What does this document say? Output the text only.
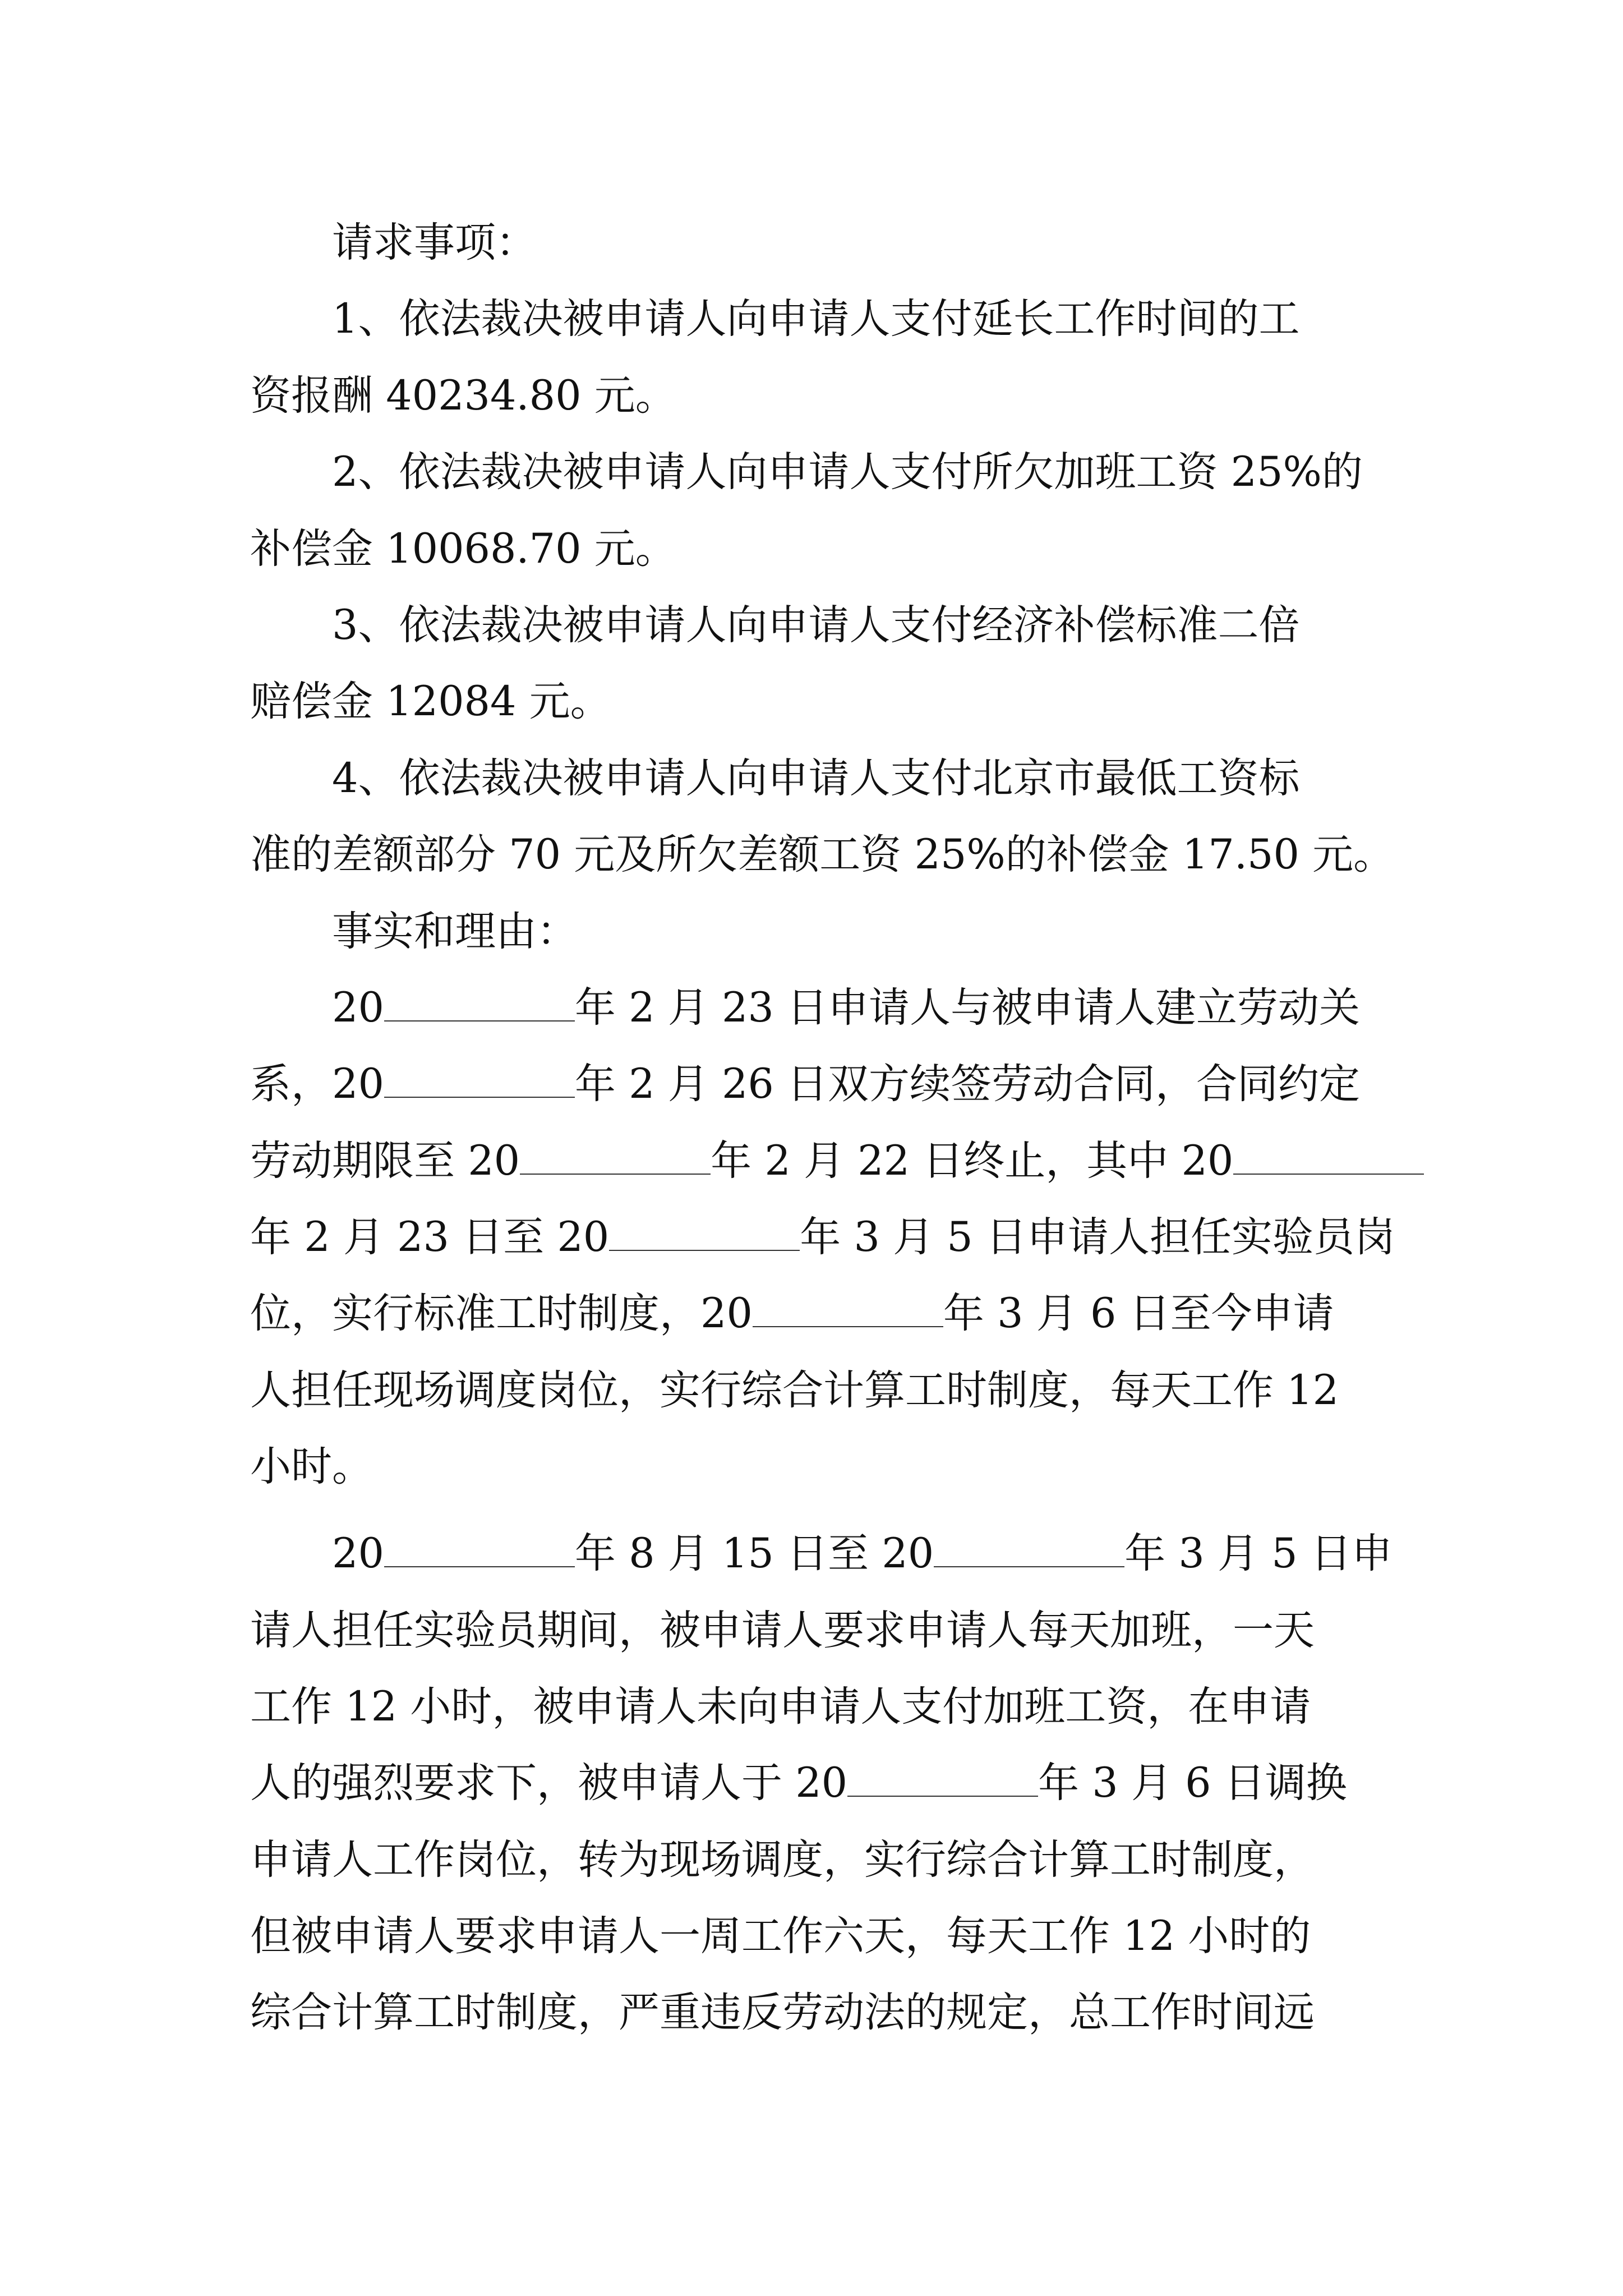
请求事项：

1、依法裁决被申请人向申请人支付延长工作时间的工

资报酬 40234.80 元。

2、依法裁决被申请人向申请人支付所欠加班工资 25%的

补偿金 10068.70 元。

3、依法裁决被申请人向申请人支付经济补偿标准二倍

赔偿金 12084 元。

4、依法裁决被申请人向申请人支付北京市最低工资标

准的差额部分 70 元及所欠差额工资 25%的补偿金 17.50 元。

事实和理由：

20	年 2 月 23 日申请人与被申请人建立劳动关

系，20	年 2 月 26 日双方续签劳动合同，合同约定

劳动期限至 20	年 2 月 22 日终止，其中 20

年 2 月 23 日至 20	年 3 月 5 日申请人担任实验员岗

位，实行标准工时制度，20	年 3 月 6 日至今申请

人担任现场调度岗位，实行综合计算工时制度，每天工作 12

小时。

20	年 8 月 15 日至 20	年 3 月 5 日申

请人担任实验员期间，被申请人要求申请人每天加班，一天

工作 12 小时，被申请人未向申请人支付加班工资，在申请

人的强烈要求下，被申请人于 20	年 3 月 6 日调换

申请人工作岗位，转为现场调度，实行综合计算工时制度，

但被申请人要求申请人一周工作六天，每天工作 12 小时的

综合计算工时制度，严重违反劳动法的规定，总工作时间远
